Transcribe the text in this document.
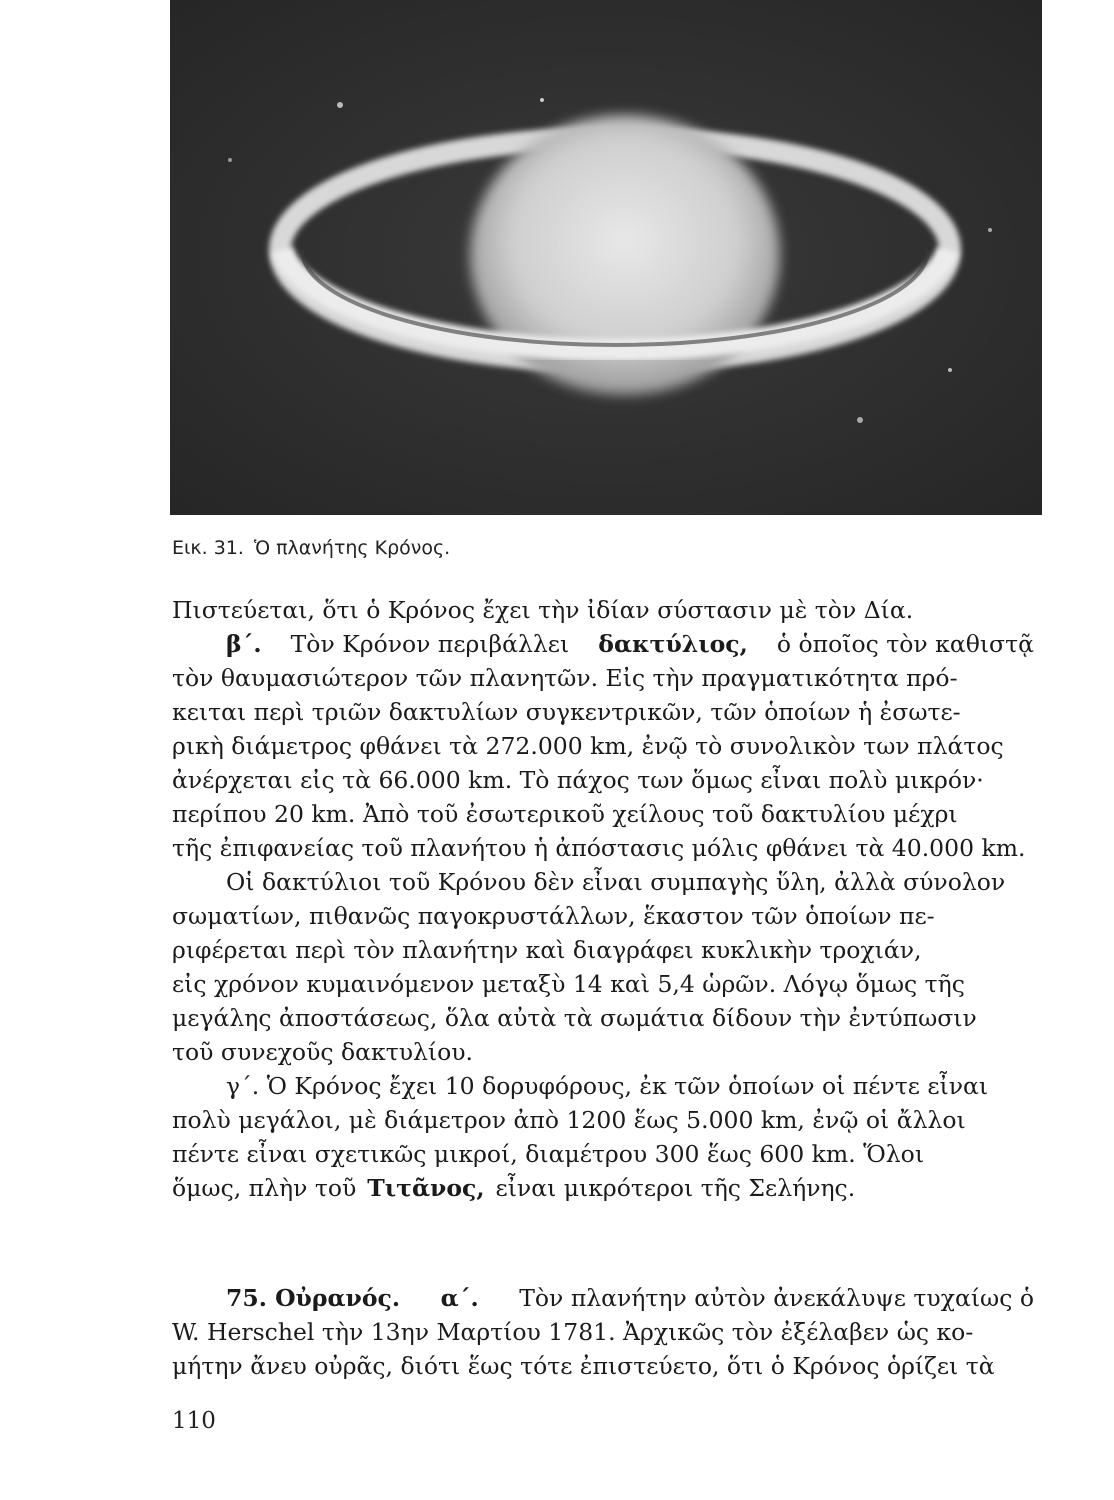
Εικ. 31. Ὁ πλανήτης Κρόνος.
Πιστεύεται, ὅτι ὁ Κρόνος ἔχει τὴν ἰδίαν σύστασιν μὲ τὸν Δία.
β΄. Τὸν Κρόνον περιβάλλει δακτύλιος, ὁ ὁποῖος τὸν καθιστᾷ
τὸν θαυμασιώτερον τῶν πλανητῶν. Εἰς τὴν πραγματικότητα πρό-
κειται περὶ τριῶν δακτυλίων συγκεντρικῶν, τῶν ὁποίων ἡ ἐσωτε-
ρικὴ διάμετρος φθάνει τὰ 272.000 km, ἐνῷ τὸ συνολικὸν των πλάτος
ἀνέρχεται εἰς τὰ 66.000 km. Τὸ πάχος των ὅμως εἶναι πολὺ μικρόν·
περίπου 20 km. Ἀπὸ τοῦ ἐσωτερικοῦ χείλους τοῦ δακτυλίου μέχρι
τῆς ἐπιφανείας τοῦ πλανήτου ἡ ἀπόστασις μόλις φθάνει τὰ 40.000 km.
Οἱ δακτύλιοι τοῦ Κρόνου δὲν εἶναι συμπαγὴς ὕλη, ἀλλὰ σύνολον
σωματίων, πιθανῶς παγοκρυστάλλων, ἕκαστον τῶν ὁποίων πε-
ριφέρεται περὶ τὸν πλανήτην καὶ διαγράφει κυκλικὴν τροχιάν,
εἰς χρόνον κυμαινόμενον μεταξὺ 14 καὶ 5,4 ὡρῶν. Λόγῳ ὅμως τῆς
μεγάλης ἀποστάσεως, ὅλα αὐτὰ τὰ σωμάτια δίδουν τὴν ἐντύπωσιν
τοῦ συνεχοῦς δακτυλίου.
γ΄. Ὁ Κρόνος ἔχει 10 δορυφόρους, ἐκ τῶν ὁποίων οἱ πέντε εἶναι
πολὺ μεγάλοι, μὲ διάμετρον ἀπὸ 1200 ἕως 5.000 km, ἐνῷ οἱ ἄλλοι
πέντε εἶναι σχετικῶς μικροί, διαμέτρου 300 ἕως 600 km. Ὅλοι
ὅμως, πλὴν τοῦ Τιτᾶνος, εἶναι μικρότεροι τῆς Σελήνης.
75. Οὐρανός. α΄. Τὸν πλανήτην αὐτὸν ἀνεκάλυψε τυχαίως ὁ
W. Herschel τὴν 13ην Μαρτίου 1781. Ἀρχικῶς τὸν ἐξέλαβεν ὡς κο-
μήτην ἄνευ οὐρᾶς, διότι ἕως τότε ἐπιστεύετο, ὅτι ὁ Κρόνος ὁρίζει τὰ
110
